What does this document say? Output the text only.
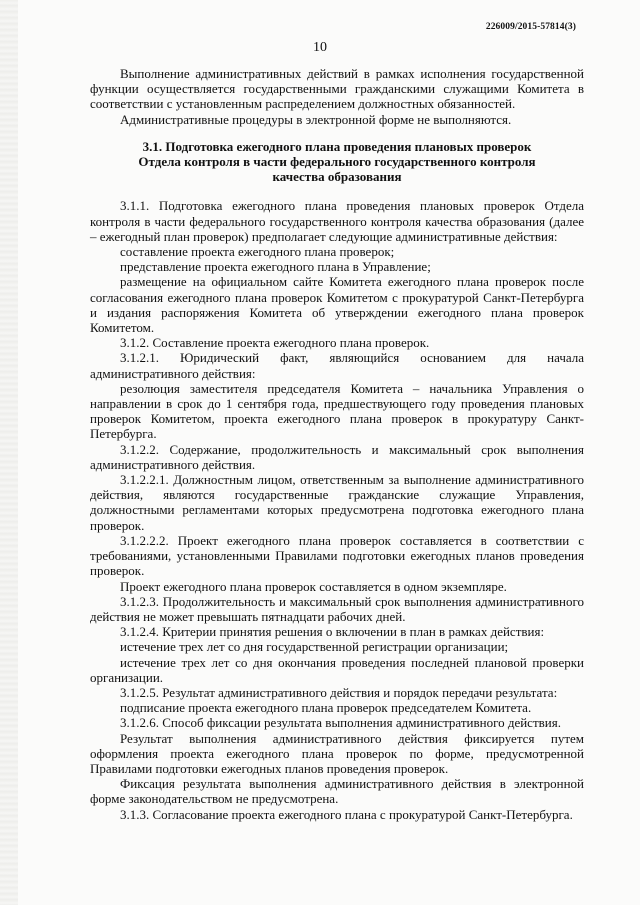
226009/2015-57814(3)
10

Выполнение административных действий в рамках исполнения государственной функции осуществляется государственными гражданскими служащими Комитета в соответствии с установленным распределением должностных обязанностей.

Административные процедуры в электронной форме не выполняются.

3.1. Подготовка ежегодного плана проведения плановых проверок

Отдела контроля в части федерального государственного контроля

качества образования

3.1.1. Подготовка ежегодного плана проведения плановых проверок Отдела контроля в части федерального государственного контроля качества образования (далее – ежегодный план проверок) предполагает следующие административные действия:

составление проекта ежегодного плана проверок;

представление проекта ежегодного плана в Управление;

размещение на официальном сайте Комитета ежегодного плана проверок после согласования ежегодного плана проверок Комитетом с прокуратурой Санкт-Петербурга и издания распоряжения Комитета об утверждении ежегодного плана проверок Комитетом.

3.1.2. Составление проекта ежегодного плана проверок.

3.1.2.1. Юридический факт, являющийся основанием для начала административного действия:

резолюция заместителя председателя Комитета – начальника Управления о направлении в срок до 1 сентября года, предшествующего году проведения плановых проверок Комитетом, проекта ежегодного плана проверок в прокуратуру Санкт-Петербурга.

3.1.2.2. Содержание, продолжительность и максимальный срок выполнения административного действия.

3.1.2.2.1. Должностным лицом, ответственным за выполнение административного действия, являются государственные гражданские служащие Управления, должностными регламентами которых предусмотрена подготовка ежегодного плана проверок.

3.1.2.2.2. Проект ежегодного плана проверок составляется в соответствии с требованиями, установленными Правилами подготовки ежегодных планов проведения проверок.

Проект ежегодного плана проверок составляется в одном экземпляре.

3.1.2.3. Продолжительность и максимальный срок выполнения административного действия не может превышать пятнадцати рабочих дней.

3.1.2.4. Критерии принятия решения о включении в план в рамках действия:

истечение трех лет со дня государственной регистрации организации;

истечение трех лет со дня окончания проведения последней плановой проверки организации.

3.1.2.5. Результат административного действия и порядок передачи результата:

подписание проекта ежегодного плана проверок председателем Комитета.

3.1.2.6. Способ фиксации результата выполнения административного действия.

Результат выполнения административного действия фиксируется путем оформления проекта ежегодного плана проверок по форме, предусмотренной Правилами подготовки ежегодных планов проведения проверок.

Фиксация результата выполнения административного действия в электронной форме законодательством не предусмотрена.

3.1.3. Согласование проекта ежегодного плана с прокуратурой Санкт-Петербурга.
